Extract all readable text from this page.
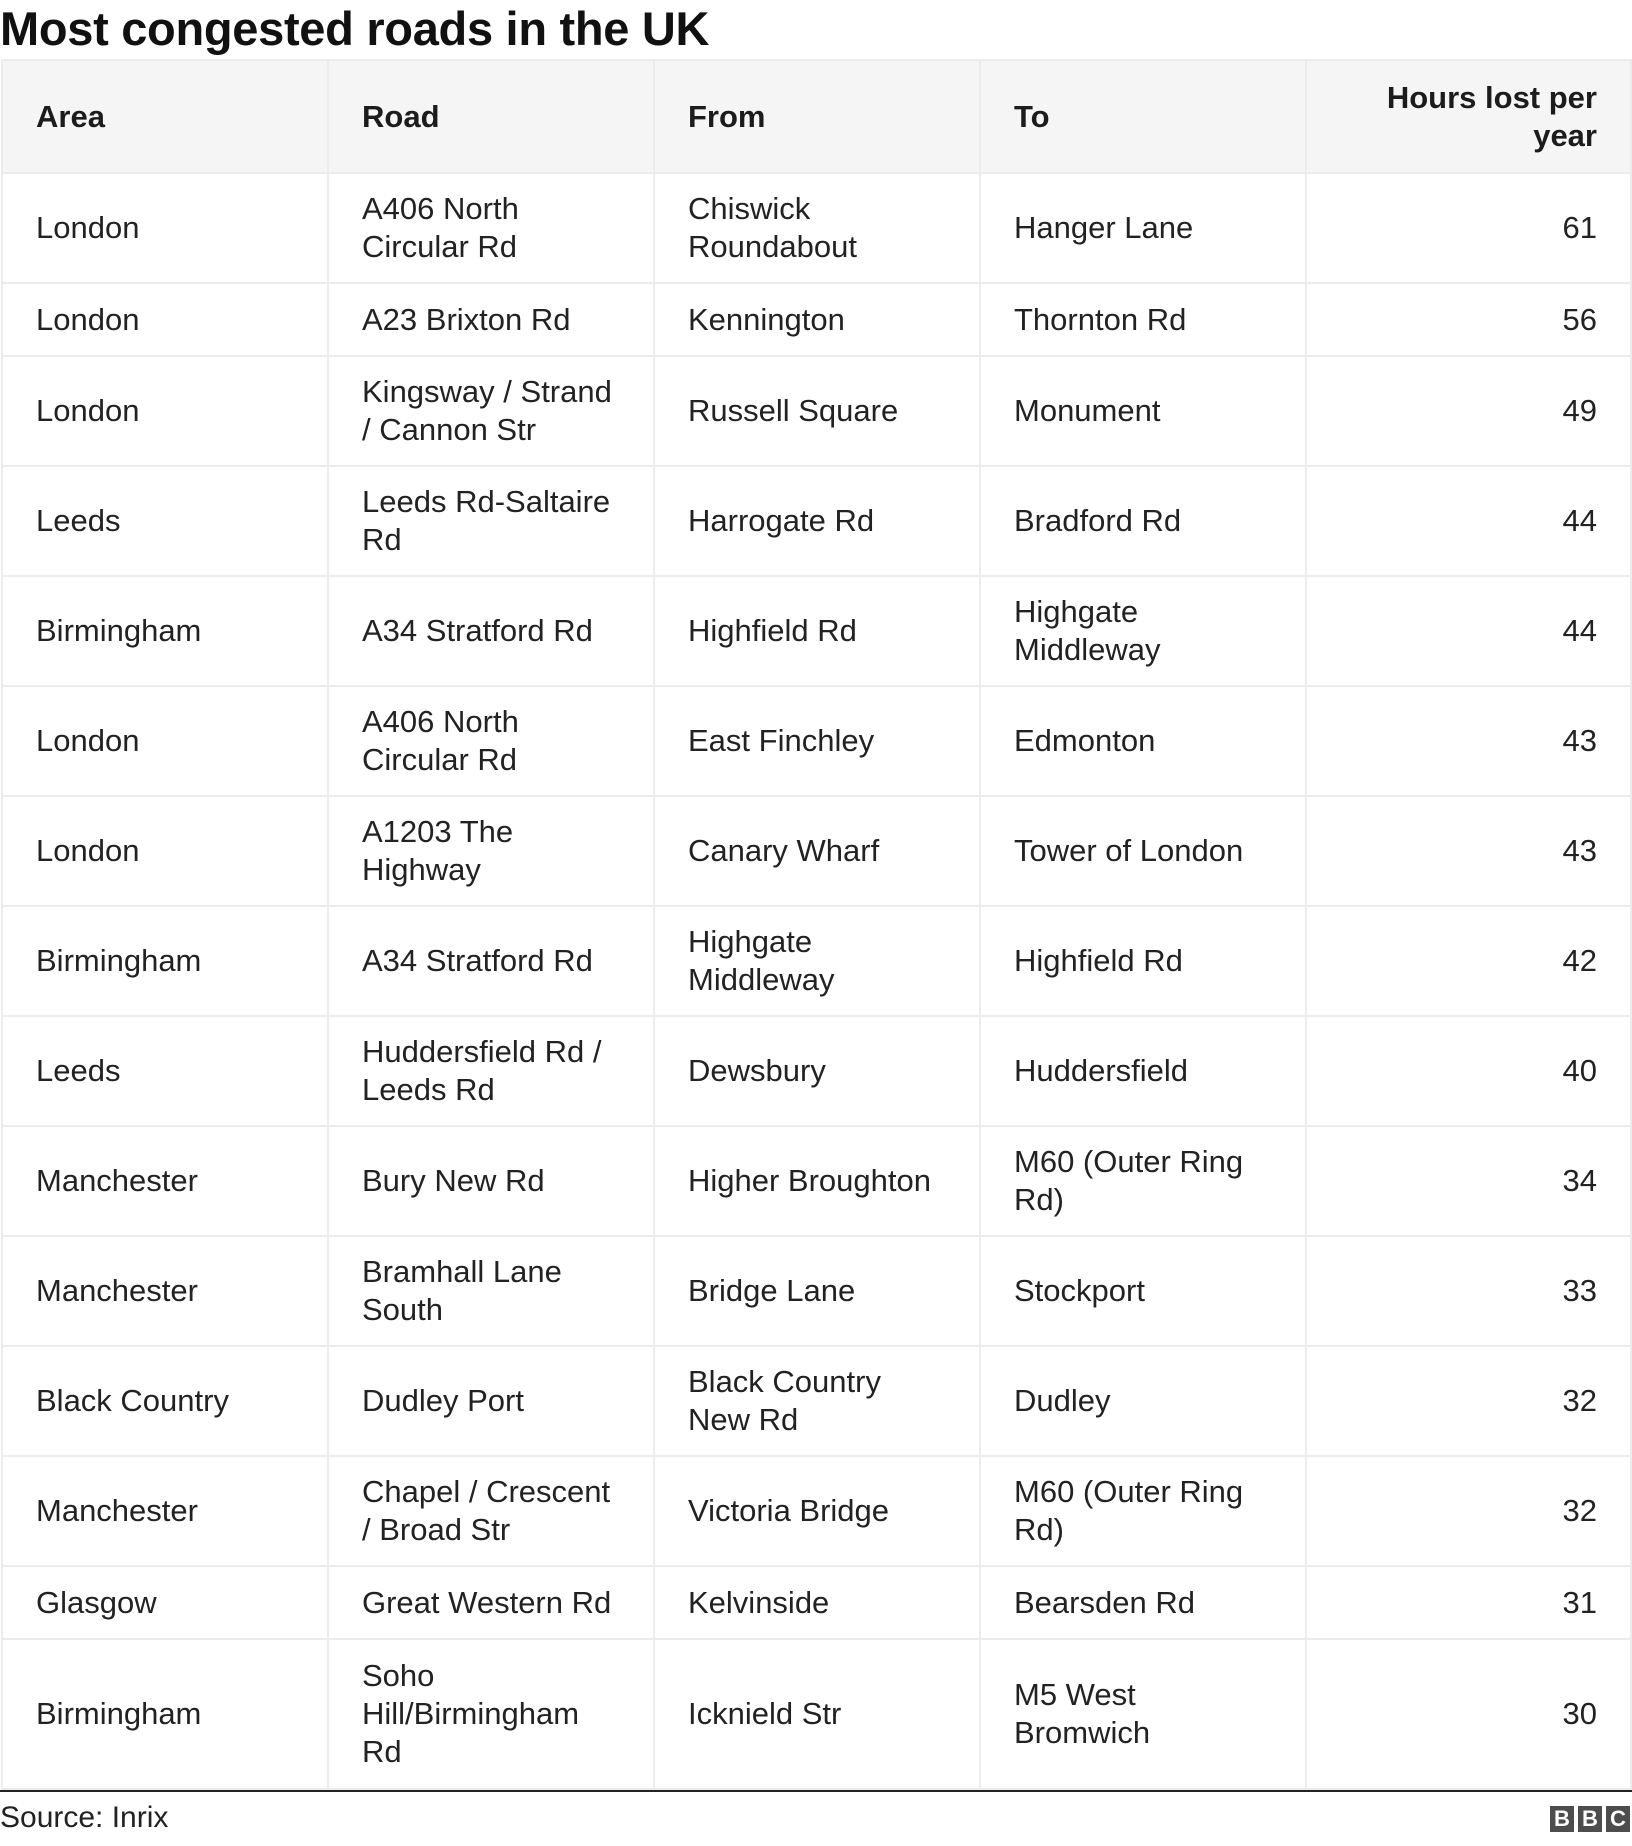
Most congested roads in the UK
Area	Road	From	To	Hours lost per year
London	A406 North Circular Rd	Chiswick Roundabout	Hanger Lane	61
London	A23 Brixton Rd	Kennington	Thornton Rd	56
London	Kingsway / Strand / Cannon Str	Russell Square	Monument	49
Leeds	Leeds Rd-Saltaire Rd	Harrogate Rd	Bradford Rd	44
Birmingham	A34 Stratford Rd	Highfield Rd	Highgate Middleway	44
London	A406 North Circular Rd	East Finchley	Edmonton	43
London	A1203 The Highway	Canary Wharf	Tower of London	43
Birmingham	A34 Stratford Rd	Highgate Middleway	Highfield Rd	42
Leeds	Huddersfield Rd / Leeds Rd	Dewsbury	Huddersfield	40
Manchester	Bury New Rd	Higher Broughton	M60 (Outer Ring Rd)	34
Manchester	Bramhall Lane South	Bridge Lane	Stockport	33
Black Country	Dudley Port	Black Country New Rd	Dudley	32
Manchester	Chapel / Crescent / Broad Str	Victoria Bridge	M60 (Outer Ring Rd)	32
Glasgow	Great Western Rd	Kelvinside	Bearsden Rd	31
Birmingham	Soho Hill/Birmingham Rd	Icknield Str	M5 West Bromwich	30
Source: Inrix	B B C
